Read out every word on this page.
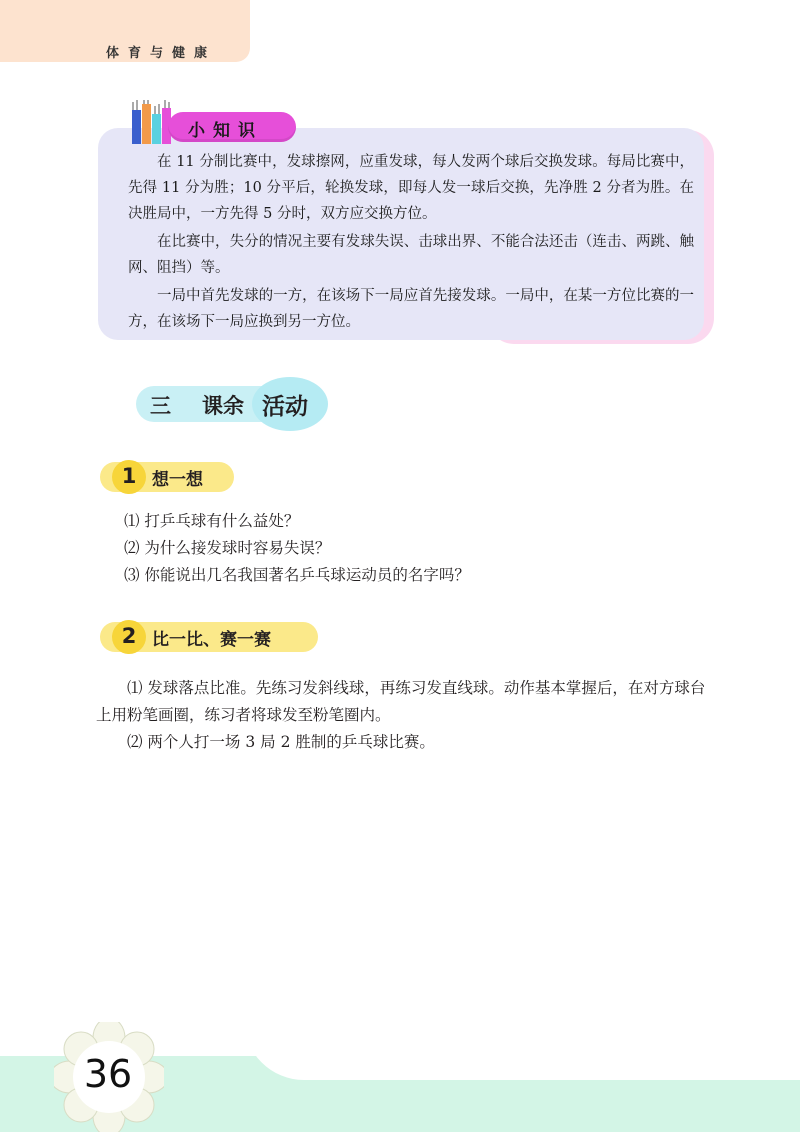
体育与健康
小知识

在 11 分制比赛中，发球擦网，应重发球，每人发两个球后交换发球。每局比赛中，先得 11 分为胜；10 分平后，轮换发球，即每人发一球后交换，先净胜 2 分者为胜。在决胜局中，一方先得 5 分时，双方应交换方位。

在比赛中，失分的情况主要有发球失误、击球出界、不能合法还击（连击、两跳、触网、阻挡）等。

一局中首先发球的一方，在该场下一局应首先接发球。一局中，在某一方位比赛的一方，在该场下一局应换到另一方位。

三 课余 活动
1 想一想
⑴ 打乒乓球有什么益处？
⑵ 为什么接发球时容易失误？
⑶ 你能说出几名我国著名乒乓球运动员的名字吗？
2 比一比、赛一赛

⑴ 发球落点比准。先练习发斜线球，再练习发直线球。动作基本掌握后，在对方球台上用粉笔画圈，练习者将球发至粉笔圈内。

⑵ 两个人打一场 3 局 2 胜制的乒乓球比赛。

36
